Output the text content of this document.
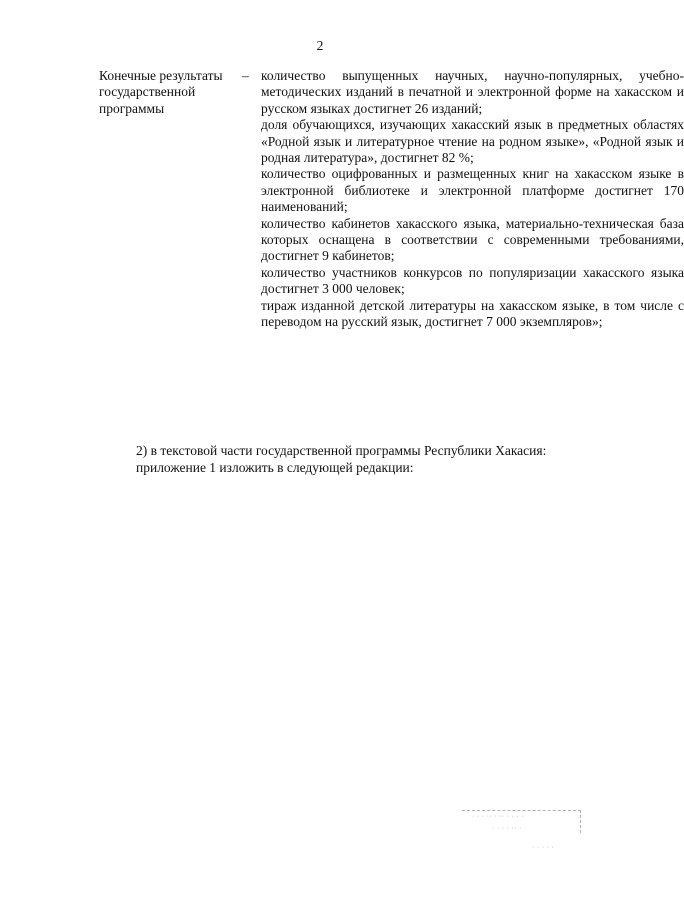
2
Конечные результаты государственной программы
– количество выпущенных научных, научно-популярных, учебно-методических изданий в печатной и электронной форме на хакасском и русском языках достигнет 26 изданий;

доля обучающихся, изучающих хакасский язык в предметных областях «Родной язык и литературное чтение на родном языке», «Родной язык и родная литература», достигнет 82 %;

количество оцифрованных и размещенных книг на хакасском языке в электронной библиотеке и электронной платформе достигнет 170 наименований;

количество кабинетов хакасского языка, материально-техническая база которых оснащена в соответствии с современными требованиями, достигнет 9 кабинетов;

количество участников конкурсов по популяризации хакасского языка достигнет 3 000 человек;

тираж изданной детской литературы на хакасском языке, в том числе с переводом на русский язык, достигнет 7 000 экземпляров»;

2) в текстовой части государственной программы Республики Хакасия:

приложение 1 изложить в следующей редакции:

· · · ·· · ·· · · · ·
· · · · ·· ·
· · · · ·
